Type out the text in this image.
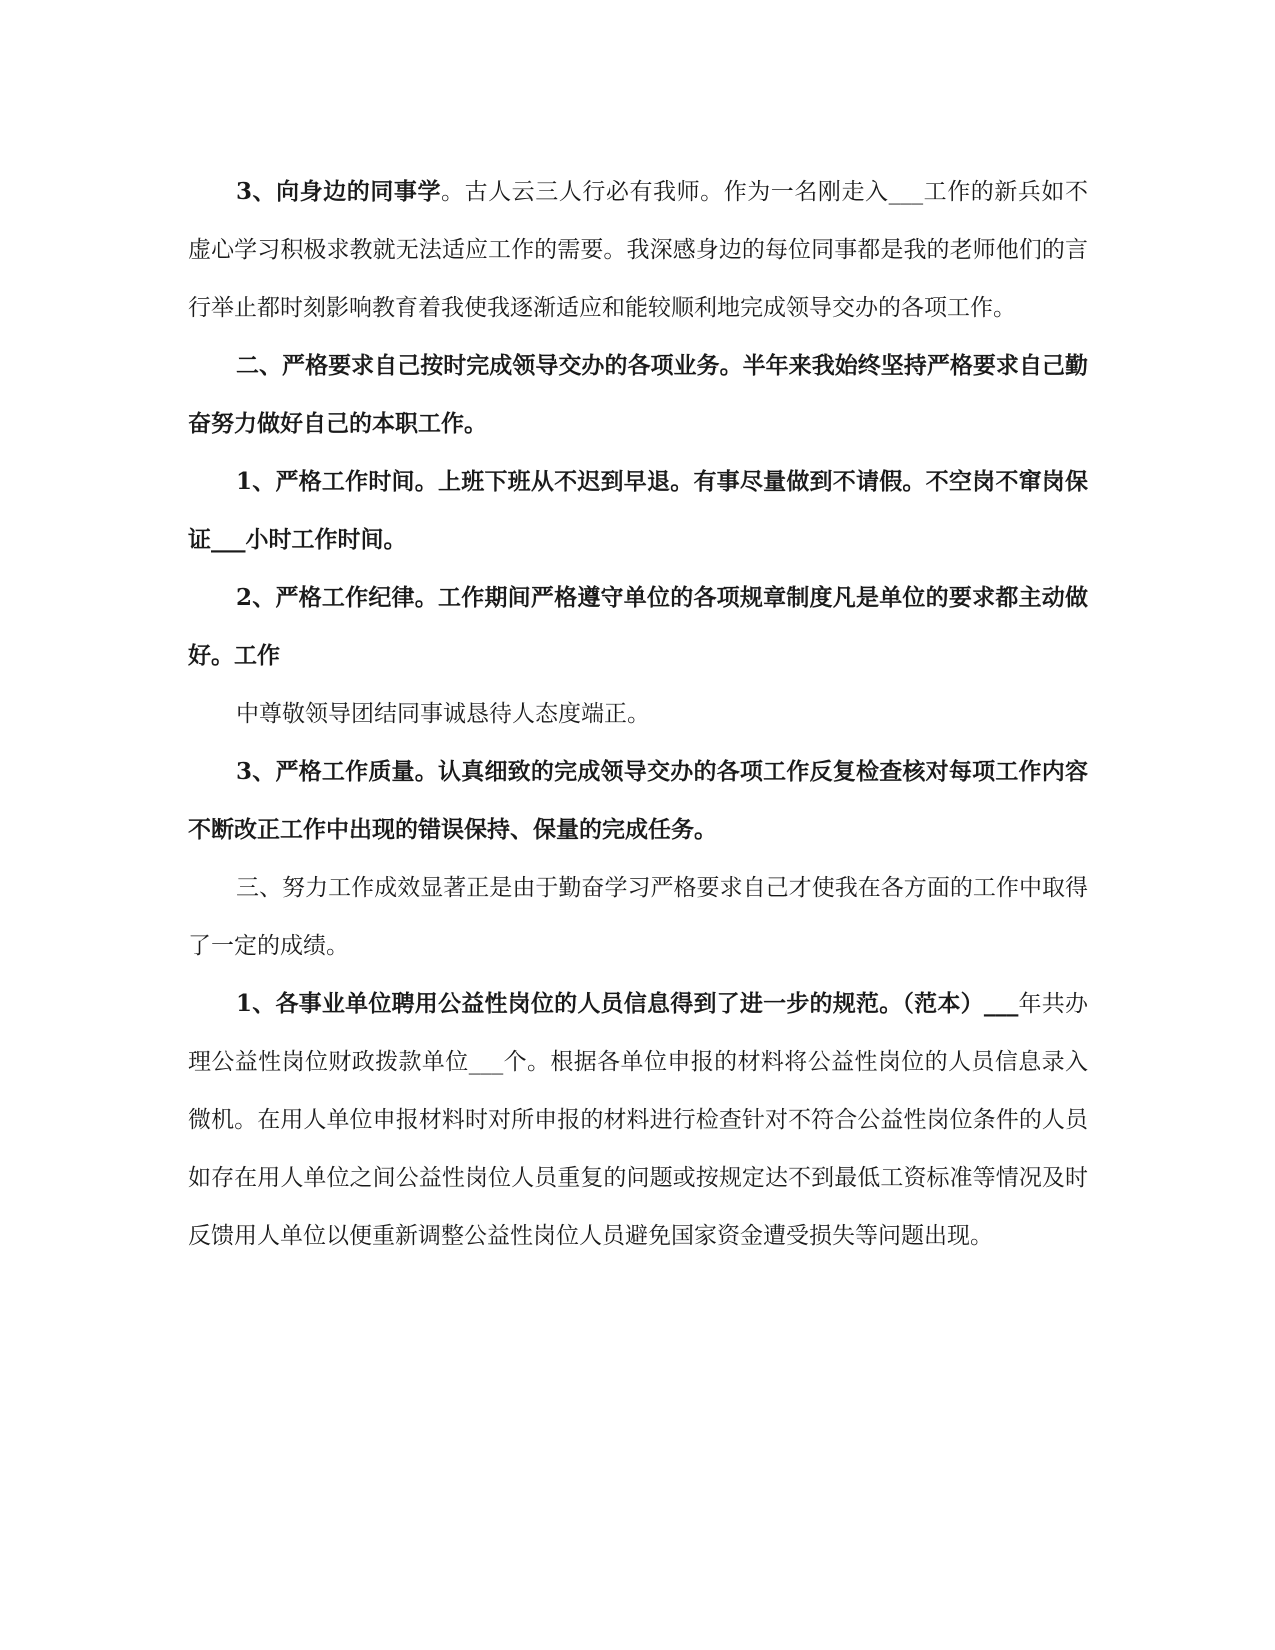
3、向身边的同事学。古人云三人行必有我师。作为一名刚走入___工作的新兵如不虚心学习积极求教就无法适应工作的需要。我深感身边的每位同事都是我的老师他们的言行举止都时刻影响教育着我使我逐渐适应和能较顺利地完成领导交办的各项工作。

二、严格要求自己按时完成领导交办的各项业务。半年来我始终坚持严格要求自己勤奋努力做好自己的本职工作。

1、严格工作时间。上班下班从不迟到早退。有事尽量做到不请假。不空岗不窜岗保证___小时工作时间。

2、严格工作纪律。工作期间严格遵守单位的各项规章制度凡是单位的要求都主动做好。工作

中尊敬领导团结同事诚恳待人态度端正。

3、严格工作质量。认真细致的完成领导交办的各项工作反复检查核对每项工作内容不断改正工作中出现的错误保持、保量的完成任务。

三、努力工作成效显著正是由于勤奋学习严格要求自己才使我在各方面的工作中取得了一定的成绩。

1、各事业单位聘用公益性岗位的人员信息得到了进一步的规范。（范本）___年共办理公益性岗位财政拨款单位___个。根据各单位申报的材料将公益性岗位的人员信息录入微机。在用人单位申报材料时对所申报的材料进行检查针对不符合公益性岗位条件的人员如存在用人单位之间公益性岗位人员重复的问题或按规定达不到最低工资标准等情况及时反馈用人单位以便重新调整公益性岗位人员避免国家资金遭受损失等问题出现。
